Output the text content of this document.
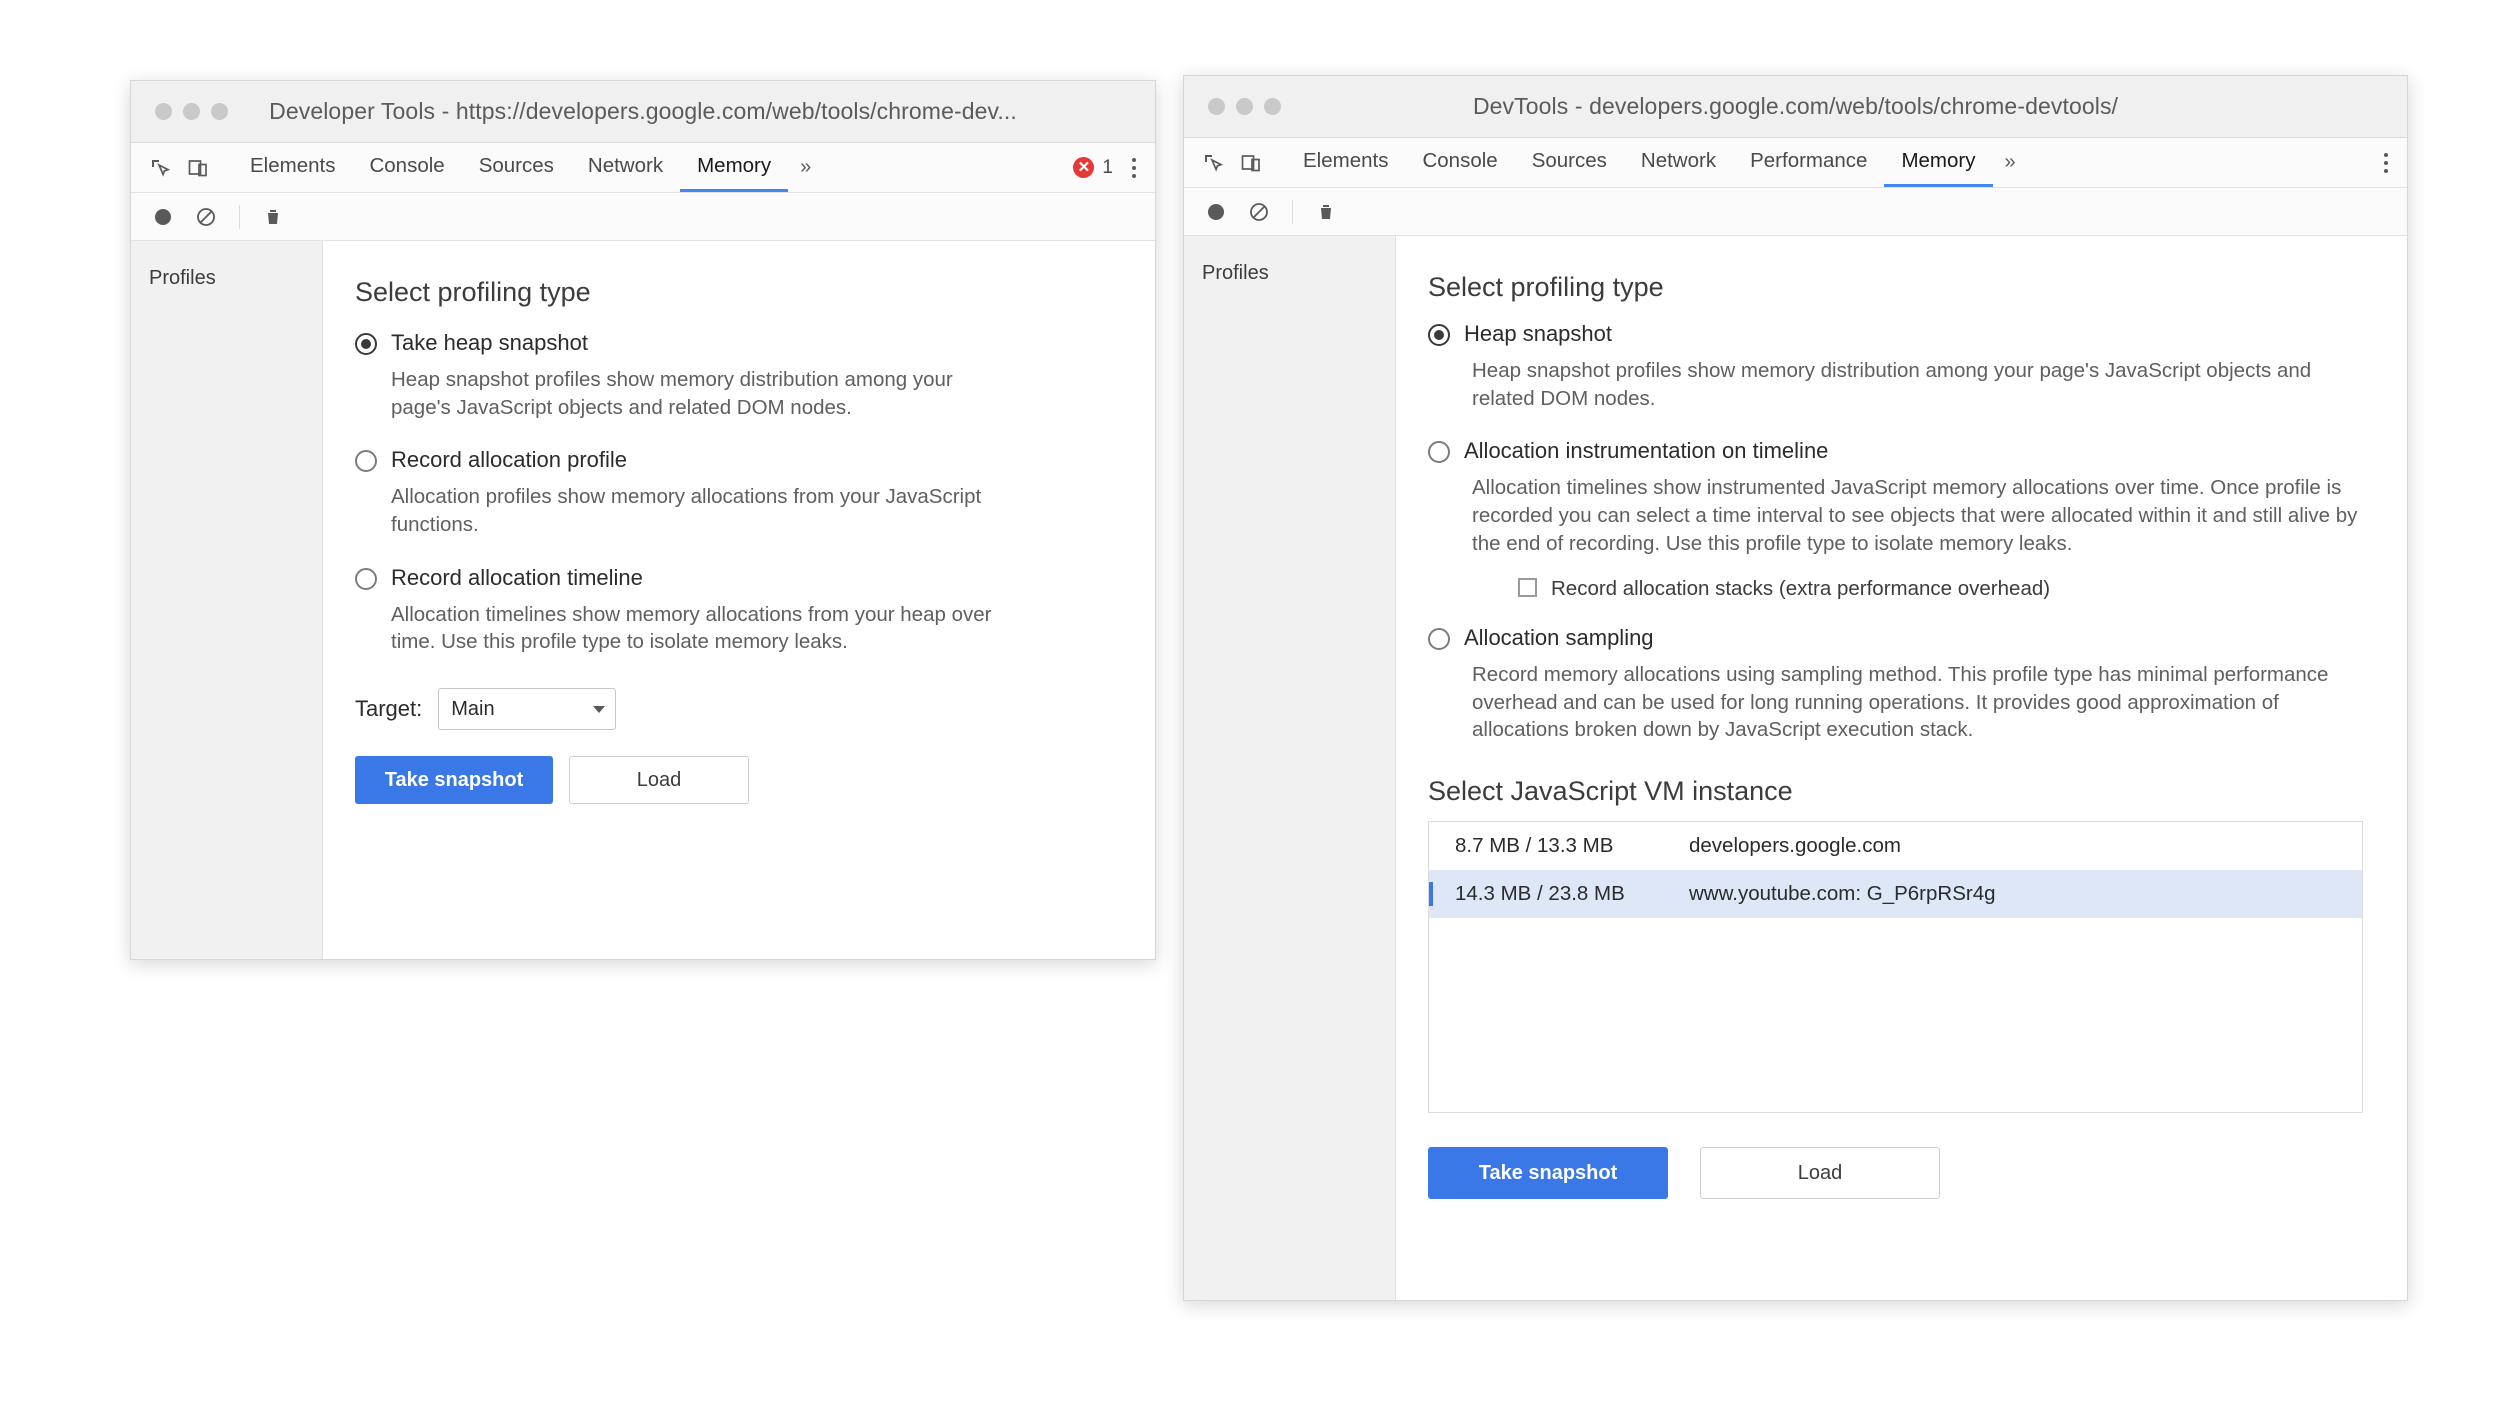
Developer Tools - https://developers.google.com/web/tools/chrome-dev...
Elements	Console	Sources	Network	Memory	»	✕ 1
Profiles	Select profiling type
Take heap snapshot
Heap snapshot profiles show memory distribution among your page's JavaScript objects and related DOM nodes.
Record allocation profile
Allocation profiles show memory allocations from your JavaScript functions.
Record allocation timeline
Allocation timelines show memory allocations from your heap over time. Use this profile type to isolate memory leaks.
Target: Main
Take snapshot	Load
DevTools - developers.google.com/web/tools/chrome-devtools/
Elements	Console	Sources	Network	Performance	Memory	»
Profiles	Select profiling type
Heap snapshot
Heap snapshot profiles show memory distribution among your page's JavaScript objects and related DOM nodes.
Allocation instrumentation on timeline
Allocation timelines show instrumented JavaScript memory allocations over time. Once profile is recorded you can select a time interval to see objects that were allocated within it and still alive by the end of recording. Use this profile type to isolate memory leaks.
Record allocation stacks (extra performance overhead)
Allocation sampling
Record memory allocations using sampling method. This profile type has minimal performance overhead and can be used for long running operations. It provides good approximation of allocations broken down by JavaScript execution stack.
Select JavaScript VM instance
8.7 MB / 13.3 MB	developers.google.com
14.3 MB / 23.8 MB	www.youtube.com: G_P6rpRSr4g
Take snapshot	Load
